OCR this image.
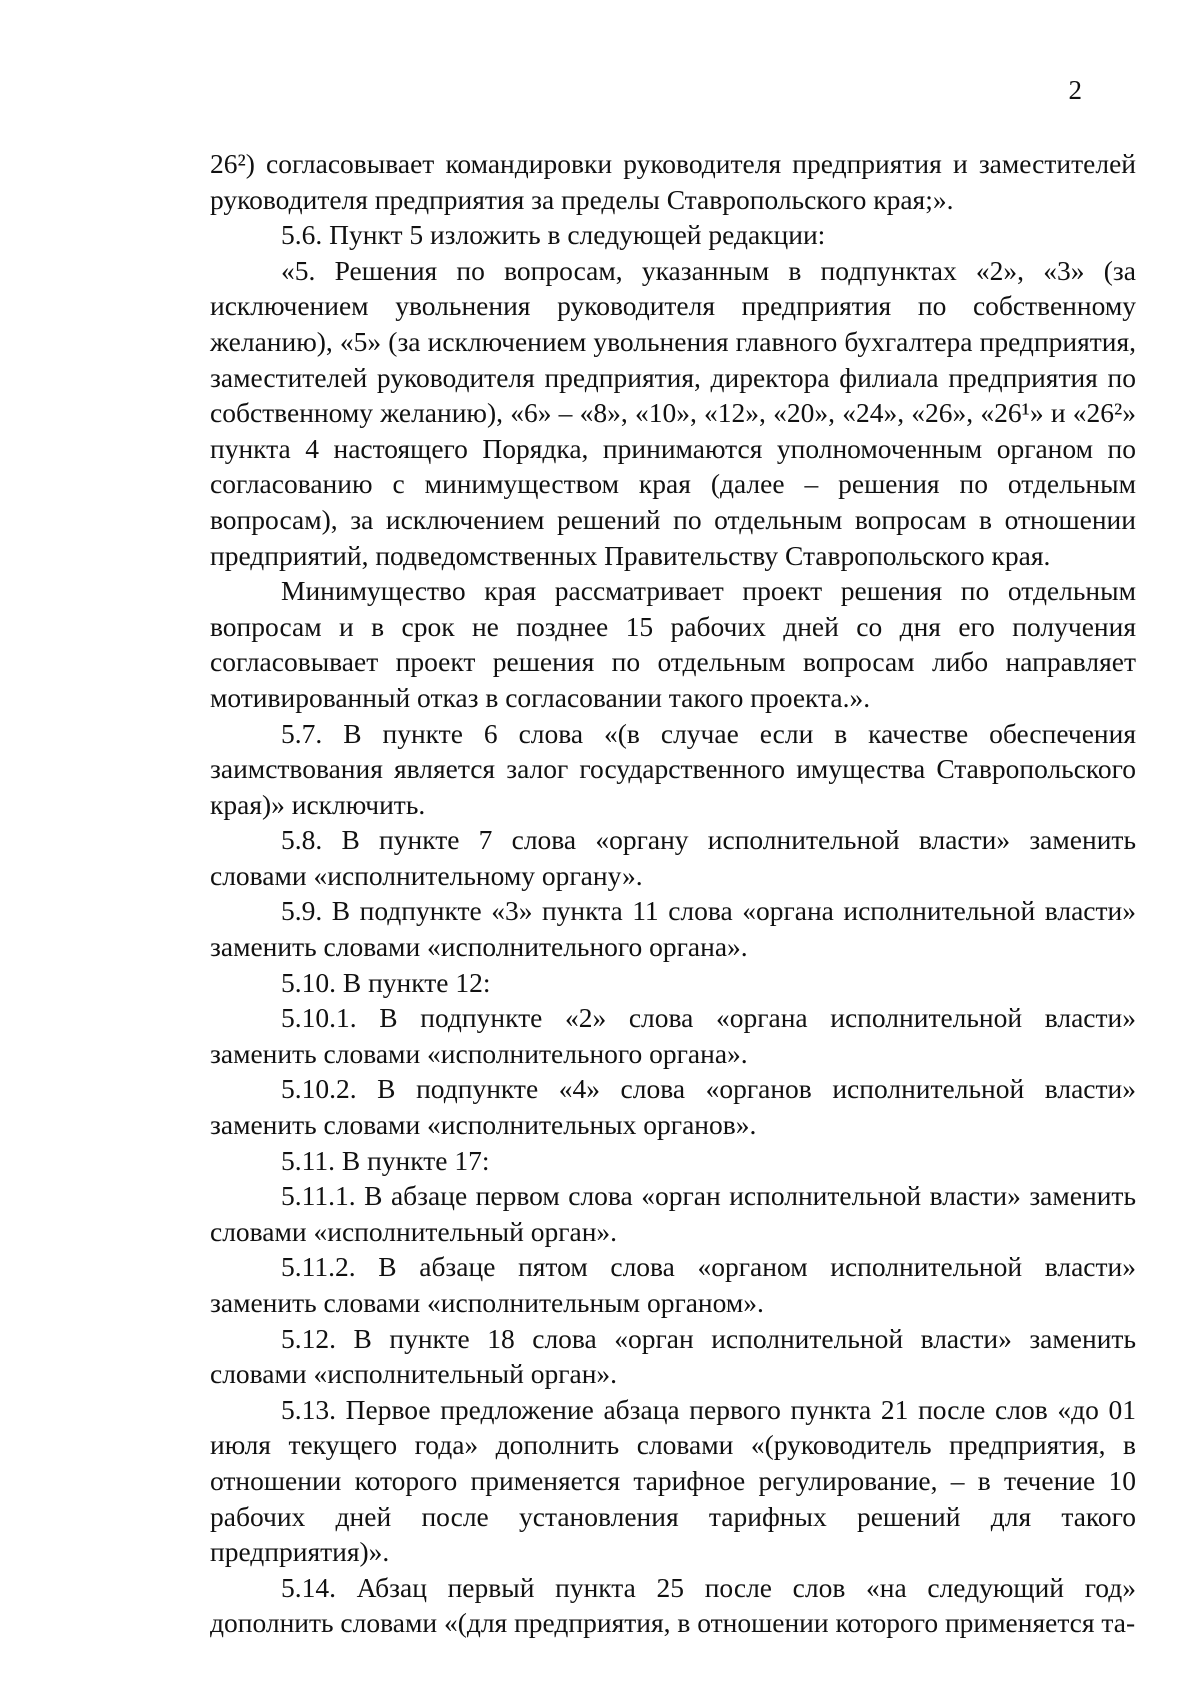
2

26²) согласовывает командировки руководителя предприятия и заместителей руководителя предприятия за пределы Ставропольского края;».

5.6. Пункт 5 изложить в следующей редакции:

«5. Решения по вопросам, указанным в подпунктах «2», «3» (за исключением увольнения руководителя предприятия по собственному желанию), «5» (за исключением увольнения главного бухгалтера предприятия, заместителей руководителя предприятия, директора филиала предприятия по собственному желанию), «6» – «8», «10», «12», «20», «24», «26», «26¹» и «26²» пункта 4 настоящего Порядка, принимаются уполномоченным органом по согласованию с минимуществом края (далее – решения по отдельным вопросам), за исключением решений по отдельным вопросам в отношении предприятий, подведомственных Правительству Ставропольского края.

Минимущество края рассматривает проект решения по отдельным вопросам и в срок не позднее 15 рабочих дней со дня его получения согласовывает проект решения по отдельным вопросам либо направляет мотивированный отказ в согласовании такого проекта.».

5.7. В пункте 6 слова «(в случае если в качестве обеспечения заимствования является залог государственного имущества Ставропольского края)» исключить.

5.8. В пункте 7 слова «органу исполнительной власти» заменить словами «исполнительному органу».

5.9. В подпункте «3» пункта 11 слова «органа исполнительной власти» заменить словами «исполнительного органа».

5.10. В пункте 12:

5.10.1. В подпункте «2» слова «органа исполнительной власти» заменить словами «исполнительного органа».

5.10.2. В подпункте «4» слова «органов исполнительной власти» заменить словами «исполнительных органов».

5.11. В пункте 17:

5.11.1. В абзаце первом слова «орган исполнительной власти» заменить словами «исполнительный орган».

5.11.2. В абзаце пятом слова «органом исполнительной власти» заменить словами «исполнительным органом».

5.12. В пункте 18 слова «орган исполнительной власти» заменить словами «исполнительный орган».

5.13. Первое предложение абзаца первого пункта 21 после слов «до 01 июля текущего года» дополнить словами «(руководитель предприятия, в отношении которого применяется тарифное регулирование, – в течение 10 рабочих дней после установления тарифных решений для такого предприятия)».

5.14. Абзац первый пункта 25 после слов «на следующий год» дополнить словами «(для предприятия, в отношении которого применяется та-
